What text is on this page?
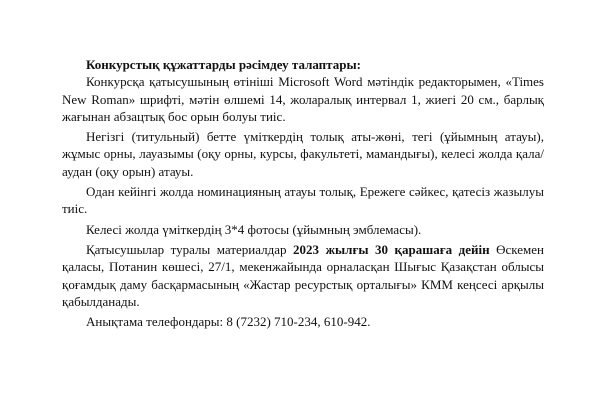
Конкурстық құжаттарды рәсімдеу талаптары:

Конкурсқа қатысушының өтініші Microsoft Word мәтіндік редакторымен, «Times New Roman» шрифті, мәтін өлшемі 14, жоларалық интервал 1, жиегі 20 см., барлық жағынан абзацтық бос орын болуы тиіс.

Негізгі (титульный) бетте үміткердің толық аты-жөні, тегі (ұйымның атауы), жұмыс орны, лауазымы (оқу орны, курсы, факультеті, мамандығы), келесі жолда қала/ аудан (оқу орын) атауы.

Одан кейінгі жолда номинацияның атауы толық, Ережеге сәйкес, қатесіз жазылуы тиіс.

Келесі жолда үміткердің 3*4 фотосы (ұйымның эмблемасы).

Қатысушылар туралы материалдар 2023 жылғы 30 қарашаға дейін Өскемен қаласы, Потанин көшесі, 27/1, мекенжайында орналасқан Шығыс Қазақстан облысы қоғамдық даму басқармасының «Жастар ресурстық орталығы» КММ кеңсесі арқылы қабылданады.

Анықтама телефондары: 8 (7232) 710-234, 610-942.
